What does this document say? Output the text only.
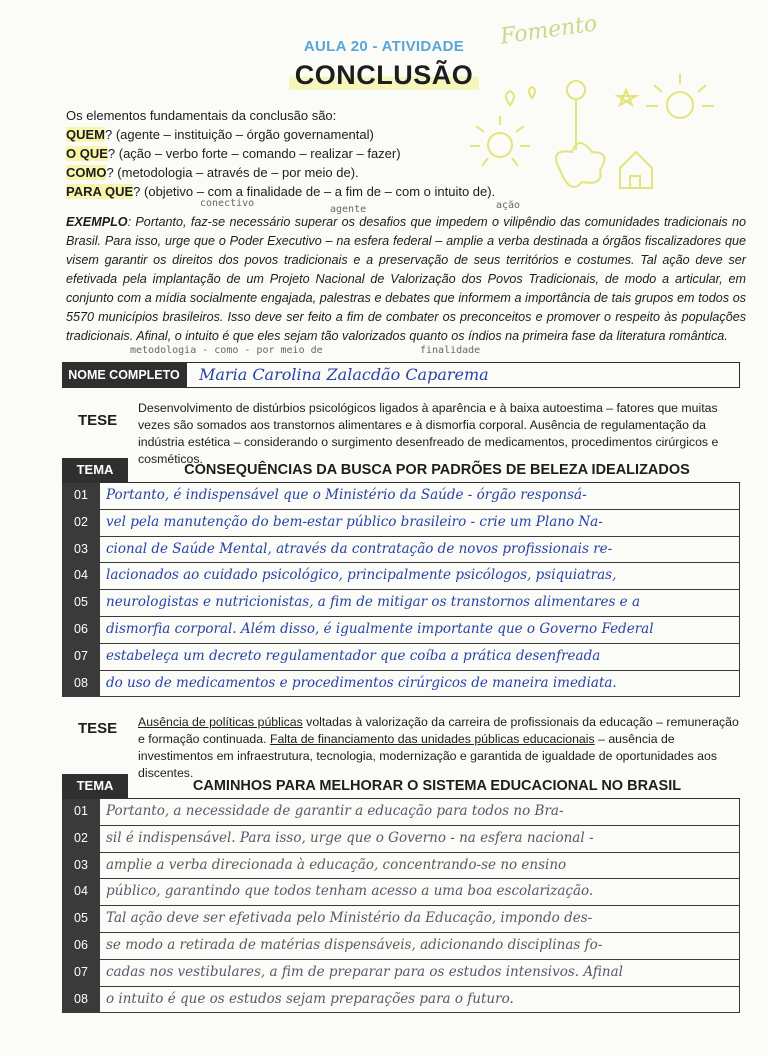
Fomento
AULA 20 - ATIVIDADE
CONCLUSÃO
Os elementos fundamentais da conclusão são:
QUEM? (agente – instituição – órgão governamental)
O QUE? (ação – verbo forte – comando – realizar – fazer)
COMO? (metodologia – através de – por meio de).
PARA QUE? (objetivo – com a finalidade de – a fim de – com o intuito de).
conectivo
agente	ação
EXEMPLO: Portanto, faz-se necessário superar os desafios que impedem o vilipêndio das comunidades tradicionais no Brasil. Para isso, urge que o Poder Executivo – na esfera federal – amplie a verba destinada a órgãos fiscalizadores que visem garantir os direitos dos povos tradicionais e a preservação de seus territórios e costumes. Tal ação deve ser efetivada pela implantação de um Projeto Nacional de Valorização dos Povos Tradicionais, de modo a articular, em conjunto com a mídia socialmente engajada, palestras e debates que informem a importância de tais grupos em todos os 5570 municípios brasileiros. Isso deve ser feito a fim de combater os preconceitos e promover o respeito às populações tradicionais. Afinal, o intuito é que eles sejam tão valorizados quanto os índios na primeira fase da literatura romântica.
metodologia - como - por meio de	finalidade
NOME COMPLETO	Maria Carolina Zalacdão Caparema
TESE
Desenvolvimento de distúrbios psicológicos ligados à aparência e à baixa autoestima – fatores que muitas vezes são somados aos transtornos alimentares e à dismorfia corporal. Ausência de regulamentação da indústria estética – considerando o surgimento desenfreado de medicamentos, procedimentos cirúrgicos e cosméticos.
TEMA	CONSEQUÊNCIAS DA BUSCA POR PADRÕES DE BELEZA IDEALIZADOS
01	Portanto, é indispensável que o Ministério da Saúde - órgão responsá-
02	vel pela manutenção do bem-estar público brasileiro - crie um Plano Na-
03	cional de Saúde Mental, através da contratação de novos profissionais re-
04	lacionados ao cuidado psicológico, principalmente psicólogos, psiquiatras,
05	neurologistas e nutricionistas, a fim de mitigar os transtornos alimentares e a
06	dismorfia corporal. Além disso, é igualmente importante que o Governo Federal
07	estabeleça um decreto regulamentador que coíba a prática desenfreada
08	do uso de medicamentos e procedimentos cirúrgicos de maneira imediata.
TESE Ausência de políticas públicas voltadas à valorização da carreira de profissionais da educação – remuneração e formação continuada. Falta de financiamento das unidades públicas educacionais – ausência de investimentos em infraestrutura, tecnologia, modernização e garantida de igualdade de oportunidades aos discentes.
TEMA	CAMINHOS PARA MELHORAR O SISTEMA EDUCACIONAL NO BRASIL
01	Portanto, a necessidade de garantir a educação para todos no Bra-
02	sil é indispensável. Para isso, urge que o Governo - na esfera nacional -
03	amplie a verba direcionada à educação, concentrando-se no ensino
04	público, garantindo que todos tenham acesso a uma boa escolarização.
05	Tal ação deve ser efetivada pelo Ministério da Educação, impondo des-
06	se modo a retirada de matérias dispensáveis, adicionando disciplinas fo-
07	cadas nos vestibulares, a fim de preparar para os estudos intensivos. Afinal
08	o intuito é que os estudos sejam preparações para o futuro.
